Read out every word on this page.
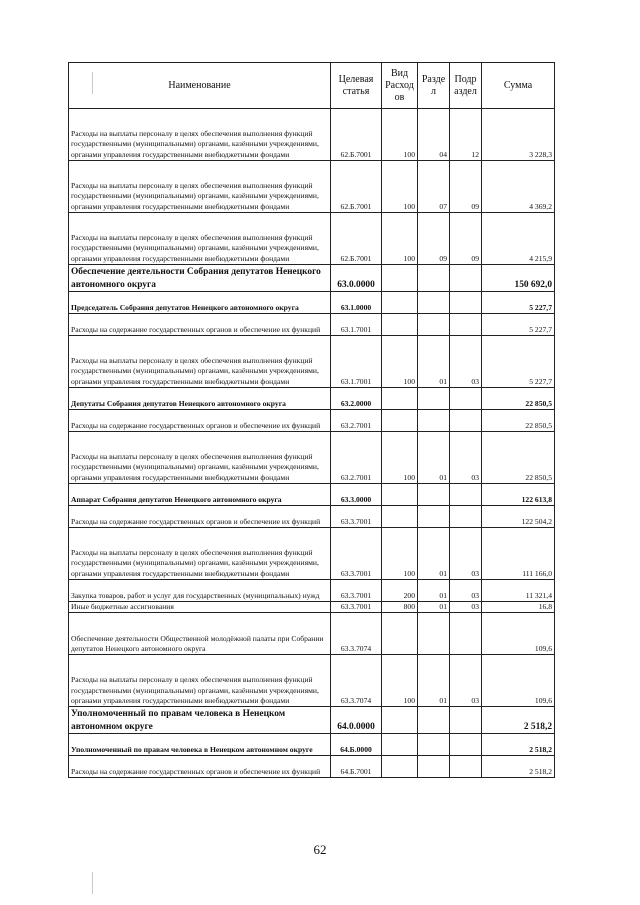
Наименование	Целевая статья	Вид Расход ов	Разде л	Подр аздел	Сумма
Расходы на выплаты персоналу в целях обеспечения выполнения функций государственными (муниципальными) органами, казёнными учреждениями, органами управления государственными внебюджетными фондами	62.Б.7001	100	04	12	3 228,3
Расходы на выплаты персоналу в целях обеспечения выполнения функций государственными (муниципальными) органами, казёнными учреждениями, органами управления государственными внебюджетными фондами	62.Б.7001	100	07	09	4 369,2
Расходы на выплаты персоналу в целях обеспечения выполнения функций государственными (муниципальными) органами, казёнными учреждениями, органами управления государственными внебюджетными фондами	62.Б.7001	100	09	09	4 215,9
Обеспечение деятельности Собрания депутатов Ненецкого автономного округа	63.0.0000				150 692,0
Председатель Собрания депутатов Ненецкого автономного округа	63.1.0000				5 227,7
Расходы на содержание государственных органов и обеспечение их функций	63.1.7001				5 227,7
Расходы на выплаты персоналу в целях обеспечения выполнения функций государственными (муниципальными) органами, казёнными учреждениями, органами управления государственными внебюджетными фондами	63.1.7001	100	01	03	5 227,7
Депутаты Собрания депутатов Ненецкого автономного округа	63.2.0000				22 850,5
Расходы на содержание государственных органов и обеспечение их функций	63.2.7001				22 850,5
Расходы на выплаты персоналу в целях обеспечения выполнения функций государственными (муниципальными) органами, казёнными учреждениями, органами управления государственными внебюджетными фондами	63.2.7001	100	01	03	22 850,5
Аппарат Собрания депутатов Ненецкого автономного округа	63.3.0000				122 613,8
Расходы на содержание государственных органов и обеспечение их функций	63.3.7001				122 504,2
Расходы на выплаты персоналу в целях обеспечения выполнения функций государственными (муниципальными) органами, казёнными учреждениями, органами управления государственными внебюджетными фондами	63.3.7001	100	01	03	111 166,0
Закупка товаров, работ и услуг для государственных (муниципальных) нужд	63.3.7001	200	01	03	11 321,4
Иные бюджетные ассигнования	63.3.7001	800	01	03	16,8
Обеспечение деятельности Общественной молодёжной палаты при Собрании депутатов Ненецкого автономного округа	63.3.7074				109,6
Расходы на выплаты персоналу в целях обеспечения выполнения функций государственными (муниципальными) органами, казёнными учреждениями, органами управления государственными внебюджетными фондами	63.3.7074	100	01	03	109,6
Уполномоченный по правам человека в Ненецком автономном округе	64.0.0000				2 518,2
Уполномоченный по правам человека в Ненецком автономном округе	64.Б.0000				2 518,2
Расходы на содержание государственных органов и обеспечение их функций	64.Б.7001				2 518,2
62
